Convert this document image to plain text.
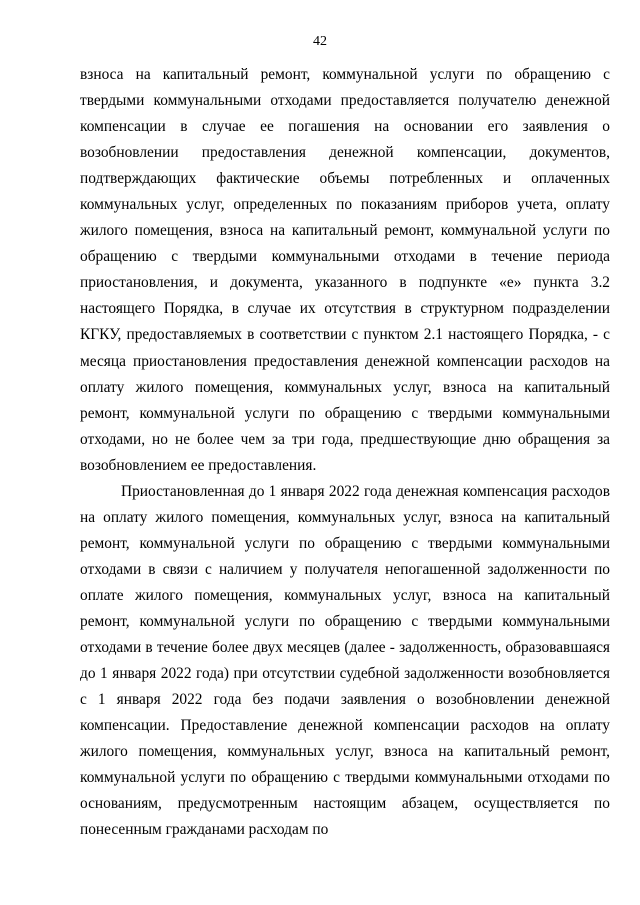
42

взноса на капитальный ремонт, коммунальной услуги по обращению с твердыми коммунальными отходами предоставляется получателю денежной компенсации в случае ее погашения на основании его заявления о возобновлении предоставления денежной компенсации, документов, подтверждающих фактические объемы потребленных и оплаченных коммунальных услуг, определенных по показаниям приборов учета, оплату жилого помещения, взноса на капитальный ремонт, коммунальной услуги по обращению с твердыми коммунальными отходами в течение периода приостановления, и документа, указанного в подпункте «е» пункта 3.2 настоящего Порядка, в случае их отсутствия в структурном подразделении КГКУ, предоставляемых в соответствии с пунктом 2.1 настоящего Порядка, - с месяца приостановления предоставления денежной компенсации расходов на оплату жилого помещения, коммунальных услуг, взноса на капитальный ремонт, коммунальной услуги по обращению с твердыми коммунальными отходами, но не более чем за три года, предшествующие дню обращения за возобновлением ее предоставления.

Приостановленная до 1 января 2022 года денежная компенсация расходов на оплату жилого помещения, коммунальных услуг, взноса на капитальный ремонт, коммунальной услуги по обращению с твердыми коммунальными отходами в связи с наличием у получателя непогашенной задолженности по оплате жилого помещения, коммунальных услуг, взноса на капитальный ремонт, коммунальной услуги по обращению с твердыми коммунальными отходами в течение более двух месяцев (далее - задолженность, образовавшаяся до 1 января 2022 года) при отсутствии судебной задолженности возобновляется с 1 января 2022 года без подачи заявления о возобновлении денежной компенсации. Предоставление денежной компенсации расходов на оплату жилого помещения, коммунальных услуг, взноса на капитальный ремонт, коммунальной услуги по обращению с твердыми коммунальными отходами по основаниям, предусмотренным настоящим абзацем, осуществляется по понесенным гражданами расходам по
